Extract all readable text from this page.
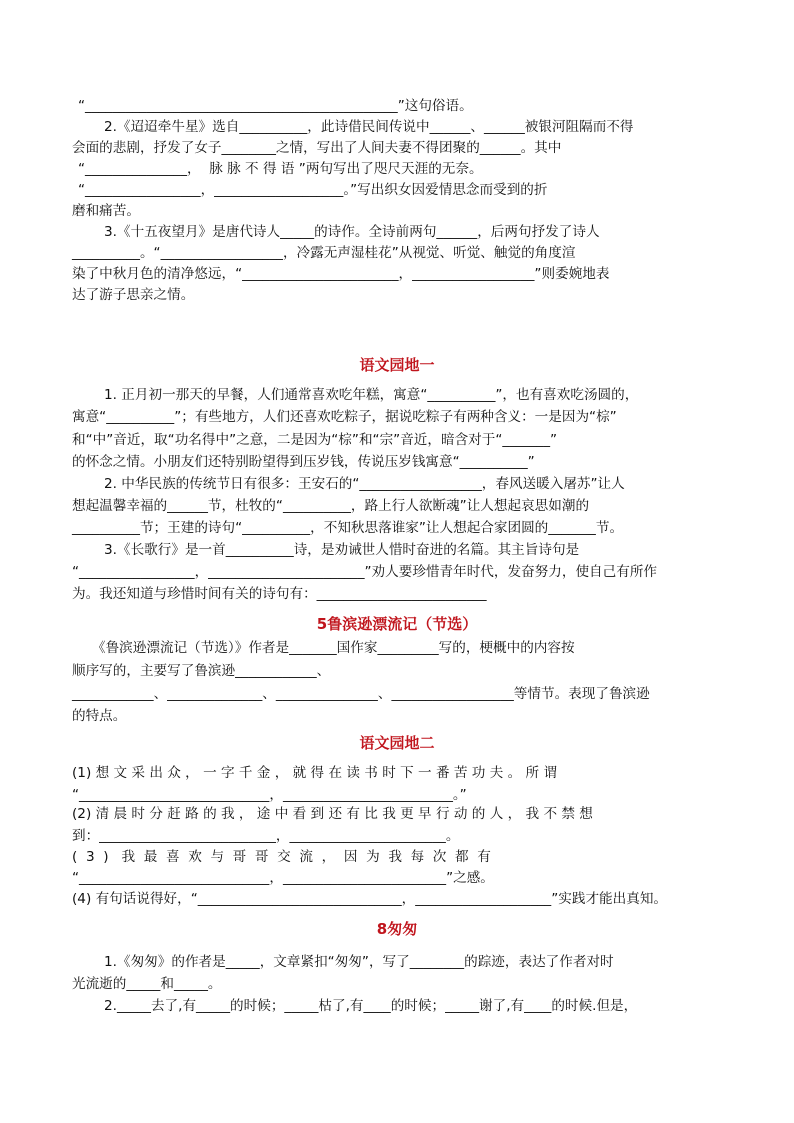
“______________________________________________”这句俗语。
2.《迢迢牵牛星》选自__________，此诗借民间传说中______、______被银河阻隔而不得
会面的悲剧，抒发了女子________之情，写出了人间夫妻不得团聚的______。其中
“_______________，  脉 脉 不 得 语 ”两句写出了咫尺天涯的无奈。
“_________________，___________________。”写出织女因爱情思念而受到的折
磨和痛苦。
3.《十五夜望月》是唐代诗人_____的诗作。全诗前两句______，后两句抒发了诗人
__________。“__________________，冷露无声湿桂花”从视觉、听觉、触觉的角度渲
染了中秋月色的清净悠远，“_______________________，__________________”则委婉地表
达了游子思亲之情。
语文园地一
1. 正月初一那天的早餐，人们通常喜欢吃年糕，寓意“__________”，也有喜欢吃汤圆的，
寓意“__________”；有些地方，人们还喜欢吃粽子，据说吃粽子有两种含义：一是因为“棕”
和“中”音近，取“功名得中”之意，二是因为“棕”和“宗”音近，暗含对于“_______”
的怀念之情。小朋友们还特别盼望得到压岁钱，传说压岁钱寓意“__________”
2. 中华民族的传统节日有很多：王安石的“__________________，春风送暖入屠苏”让人
想起温馨幸福的______节，杜牧的“__________，路上行人欲断魂”让人想起哀思如潮的
__________节；王建的诗句“__________，不知秋思落谁家”让人想起合家团圆的_______节。
3.《长歌行》是一首__________诗，是劝诫世人惜时奋进的名篇。其主旨诗句是
“_________________，_______________________”劝人要珍惜青年时代，发奋努力，使自己有所作
为。我还知道与珍惜时间有关的诗句有：_________________________
5鲁滨逊漂流记（节选）
《鲁滨逊漂流记（节选）》作者是_______国作家_________写的，梗概中的内容按
顺序写的，主要写了鲁滨逊____________、
____________、______________、_______________、__________________等情节。表现了鲁滨逊
的特点。
语文园地二
(1) 想 文 采 出 众 ， 一 字 千 金 ， 就 得 在 读 书 时 下 一 番 苦 功 夫 。 所 谓
“____________________________，_________________________。”
(2) 清 晨 时 分 赶 路 的 我 ， 途 中 看 到 还 有 比 我 更 早 行 动 的 人 ， 我 不 禁 想
到：__________________________，_______________________。
(  3  )   我  最  喜  欢  与  哥  哥  交  流  ，  因  为  我  每  次  都  有
“____________________________，________________________”之感。
(4) 有句话说得好，“______________________________，____________________”实践才能出真知。
8匆匆
1.《匆匆》的作者是_____，文章紧扣“匆匆”，写了________的踪迹，表达了作者对时
光流逝的_____和_____。
2._____去了,有_____的时候；_____枯了,有____的时候；_____谢了,有____的时候.但是，
